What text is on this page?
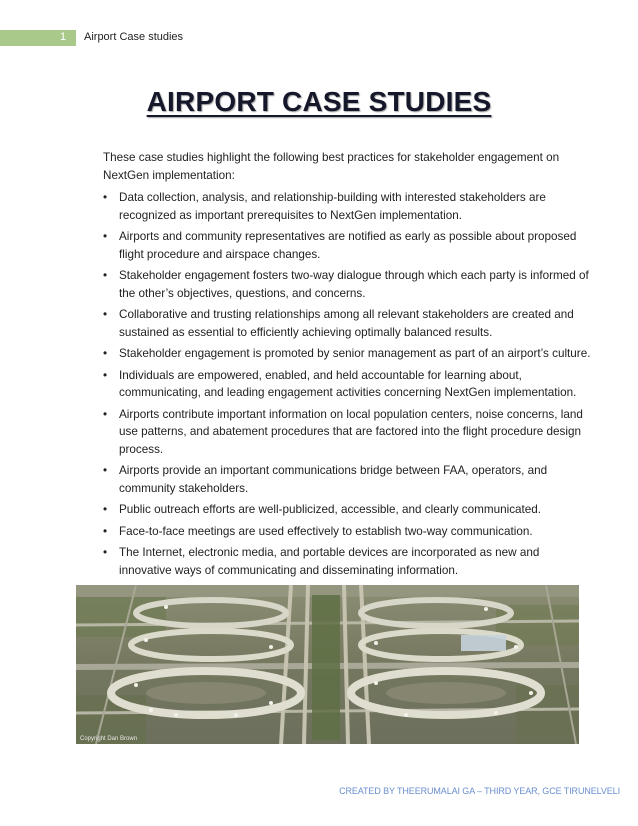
1 Airport Case studies
AIRPORT CASE STUDIES

These case studies highlight the following best practices for stakeholder engagement on NextGen implementation:

• Data collection, analysis, and relationship-building with interested stakeholders are recognized as important prerequisites to NextGen implementation.
• Airports and community representatives are notified as early as possible about proposed flight procedure and airspace changes.
• Stakeholder engagement fosters two-way dialogue through which each party is informed of the other’s objectives, questions, and concerns.
• Collaborative and trusting relationships among all relevant stakeholders are created and sustained as essential to efficiently achieving optimally balanced results.
• Stakeholder engagement is promoted by senior management as part of an airport’s culture.
• Individuals are empowered, enabled, and held accountable for learning about, communicating, and leading engagement activities concerning NextGen implementation.
• Airports contribute important information on local population centers, noise concerns, land use patterns, and abatement procedures that are factored into the flight procedure design process.
• Airports provide an important communications bridge between FAA, operators, and community stakeholders.
• Public outreach efforts are well-publicized, accessible, and clearly communicated.
• Face-to-face meetings are used effectively to establish two-way communication.
• The Internet, electronic media, and portable devices are incorporated as new and innovative ways of communicating and disseminating information.
Copyright Dan Brown
CREATED BY THEERUMALAI GA – THIRD YEAR, GCE TIRUNELVELI
